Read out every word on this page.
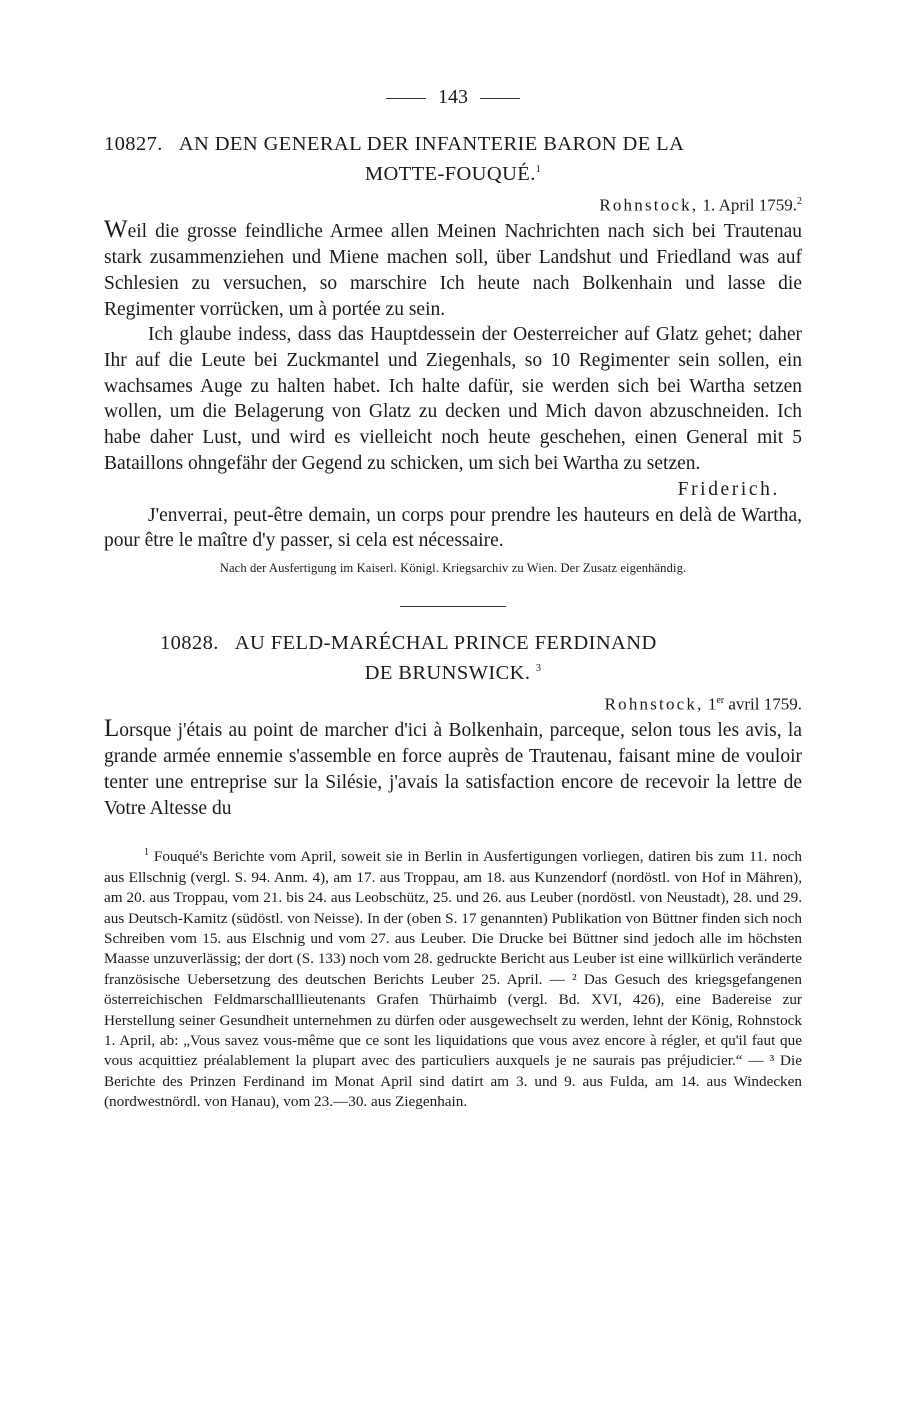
143
10827. AN DEN GENERAL DER INFANTERIE BARON DE LA
MOTTE-FOUQUÉ.$^1$
Rohnstock, 1. April 1759.$^2$

Weil die grosse feindliche Armee allen Meinen Nachrichten nach sich bei Trautenau stark zusammenziehen und Miene machen soll, über Landshut und Friedland was auf Schlesien zu versuchen, so marschire Ich heute nach Bolkenhain und lasse die Regimenter vorrücken, um à portée zu sein.

Ich glaube indess, dass das Hauptdessein der Oesterreicher auf Glatz gehet; daher Ihr auf die Leute bei Zuckmantel und Ziegenhals, so 10 Regimenter sein sollen, ein wachsames Auge zu halten habet. Ich halte dafür, sie werden sich bei Wartha setzen wollen, um die Belagerung von Glatz zu decken und Mich davon abzuschneiden. Ich habe daher Lust, und wird es vielleicht noch heute geschehen, einen General mit 5 Bataillons ohngefähr der Gegend zu schicken, um sich bei Wartha zu setzen.

Friderich.

J'enverrai, peut-être demain, un corps pour prendre les hauteurs en delà de Wartha, pour être le maître d'y passer, si cela est nécessaire.

Nach der Ausfertigung im Kaiserl. Königl. Kriegsarchiv zu Wien. Der Zusatz eigenhändig.
10828. AU FELD-MARÉCHAL PRINCE FERDINAND
DE BRUNSWICK. $^3$
Rohnstock, 1er avril 1759.

Lorsque j'étais au point de marcher d'ici à Bolkenhain, parceque, selon tous les avis, la grande armée ennemie s'assemble en force auprès de Trautenau, faisant mine de vouloir tenter une entreprise sur la Silésie, j'avais la satisfaction encore de recevoir la lettre de Votre Altesse du

$^1$ Fouqué's Berichte vom April, soweit sie in Berlin in Ausfertigungen vorliegen, datiren bis zum 11. noch aus Ellschnig (vergl. S. 94. Anm. 4), am 17. aus Troppau, am 18. aus Kunzendorf (nordöstl. von Hof in Mähren), am 20. aus Troppau, vom 21. bis 24. aus Leobschütz, 25. und 26. aus Leuber (nordöstl. von Neustadt), 28. und 29. aus Deutsch-Kamitz (südöstl. von Neisse). In der (oben S. 17 genannten) Publikation von Büttner finden sich noch Schreiben vom 15. aus Elschnig und vom 27. aus Leuber. Die Drucke bei Büttner sind jedoch alle im höchsten Maasse unzuverlässig; der dort (S. 133) noch vom 28. gedruckte Bericht aus Leuber ist eine willkürlich veränderte französische Uebersetzung des deutschen Berichts Leuber 25. April. — ² Das Gesuch des kriegsgefangenen österreichischen Feldmarschalllieutenants Grafen Thürhaimb (vergl. Bd. XVI, 426), eine Badereise zur Herstellung seiner Gesundheit unternehmen zu dürfen oder ausgewechselt zu werden, lehnt der König, Rohnstock 1. April, ab: „Vous savez vous-même que ce sont les liquidations que vous avez encore à régler, et qu'il faut que vous acquittiez préalablement la plupart avec des particuliers auxquels je ne saurais pas préjudicier.“ — ³ Die Berichte des Prinzen Ferdinand im Monat April sind datirt am 3. und 9. aus Fulda, am 14. aus Windecken (nordwestnördl. von Hanau), vom 23.—30. aus Ziegenhain.
